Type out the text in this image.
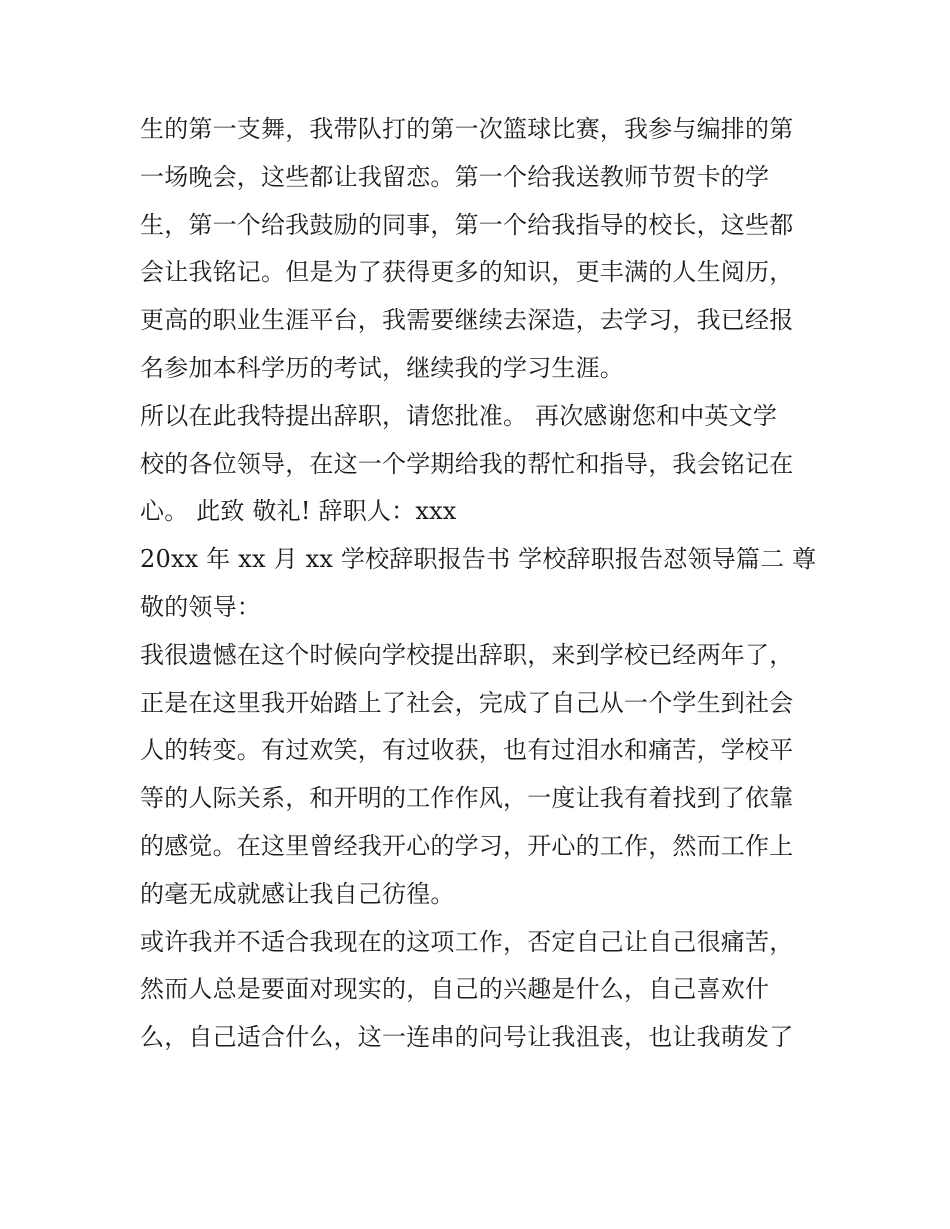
生的第一支舞，我带队打的第一次篮球比赛，我参与编排的第
一场晚会，这些都让我留恋。第一个给我送教师节贺卡的学
生，第一个给我鼓励的同事，第一个给我指导的校长，这些都
会让我铭记。但是为了获得更多的知识，更丰满的人生阅历，
更高的职业生涯平台，我需要继续去深造，去学习，我已经报
名参加本科学历的考试，继续我的学习生涯。
所以在此我特提出辞职，请您批准。 再次感谢您和中英文学
校的各位领导，在这一个学期给我的帮忙和指导，我会铭记在
心。 此致 敬礼! 辞职人：xxx
20xx 年 xx 月 xx 学校辞职报告书 学校辞职报告怼领导篇二 尊
敬的领导：
我很遗憾在这个时候向学校提出辞职，来到学校已经两年了，
正是在这里我开始踏上了社会，完成了自己从一个学生到社会
人的转变。有过欢笑，有过收获，也有过泪水和痛苦，学校平
等的人际关系，和开明的工作作风，一度让我有着找到了依靠
的感觉。在这里曾经我开心的学习，开心的工作，然而工作上
的毫无成就感让我自己彷徨。
或许我并不适合我现在的这项工作，否定自己让自己很痛苦，
然而人总是要面对现实的，自己的兴趣是什么，自己喜欢什
么，自己适合什么，这一连串的问号让我沮丧，也让我萌发了
